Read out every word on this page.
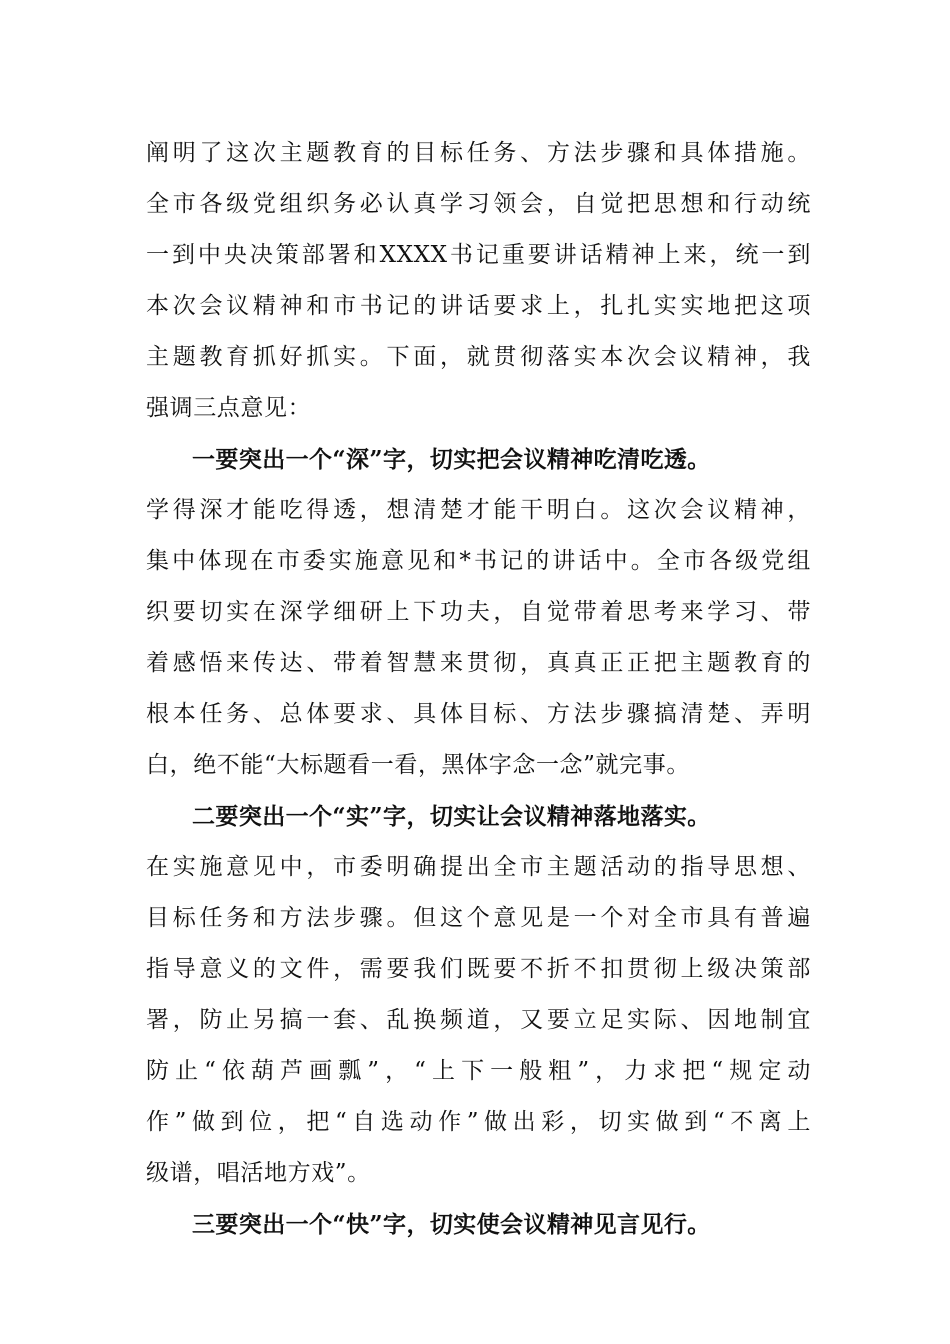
阐明了这次主题教育的目标任务、方法步骤和具体措施。
全市各级党组织务必认真学习领会，自觉把思想和行动统
一到中央决策部署和XXXX书记重要讲话精神上来，统一到
本次会议精神和市书记的讲话要求上，扎扎实实地把这项
主题教育抓好抓实。下面，就贯彻落实本次会议精神，我
强调三点意见：
一要突出一个“深”字，切实把会议精神吃清吃透。
学得深才能吃得透，想清楚才能干明白。这次会议精神，
集中体现在市委实施意见和*书记的讲话中。全市各级党组
织要切实在深学细研上下功夫，自觉带着思考来学习、带
着感悟来传达、带着智慧来贯彻，真真正正把主题教育的
根本任务、总体要求、具体目标、方法步骤搞清楚、弄明
白，绝不能“大标题看一看，黑体字念一念”就完事。
二要突出一个“实”字，切实让会议精神落地落实。
在实施意见中，市委明确提出全市主题活动的指导思想、
目标任务和方法步骤。但这个意见是一个对全市具有普遍
指导意义的文件，需要我们既要不折不扣贯彻上级决策部
署，防止另搞一套、乱换频道，又要立足实际、因地制宜
防止“依葫芦画瓢”，“上下一般粗”，力求把“规定动
作”做到位，把“自选动作”做出彩，切实做到“不离上
级谱，唱活地方戏”。
三要突出一个“快”字，切实使会议精神见言见行。
